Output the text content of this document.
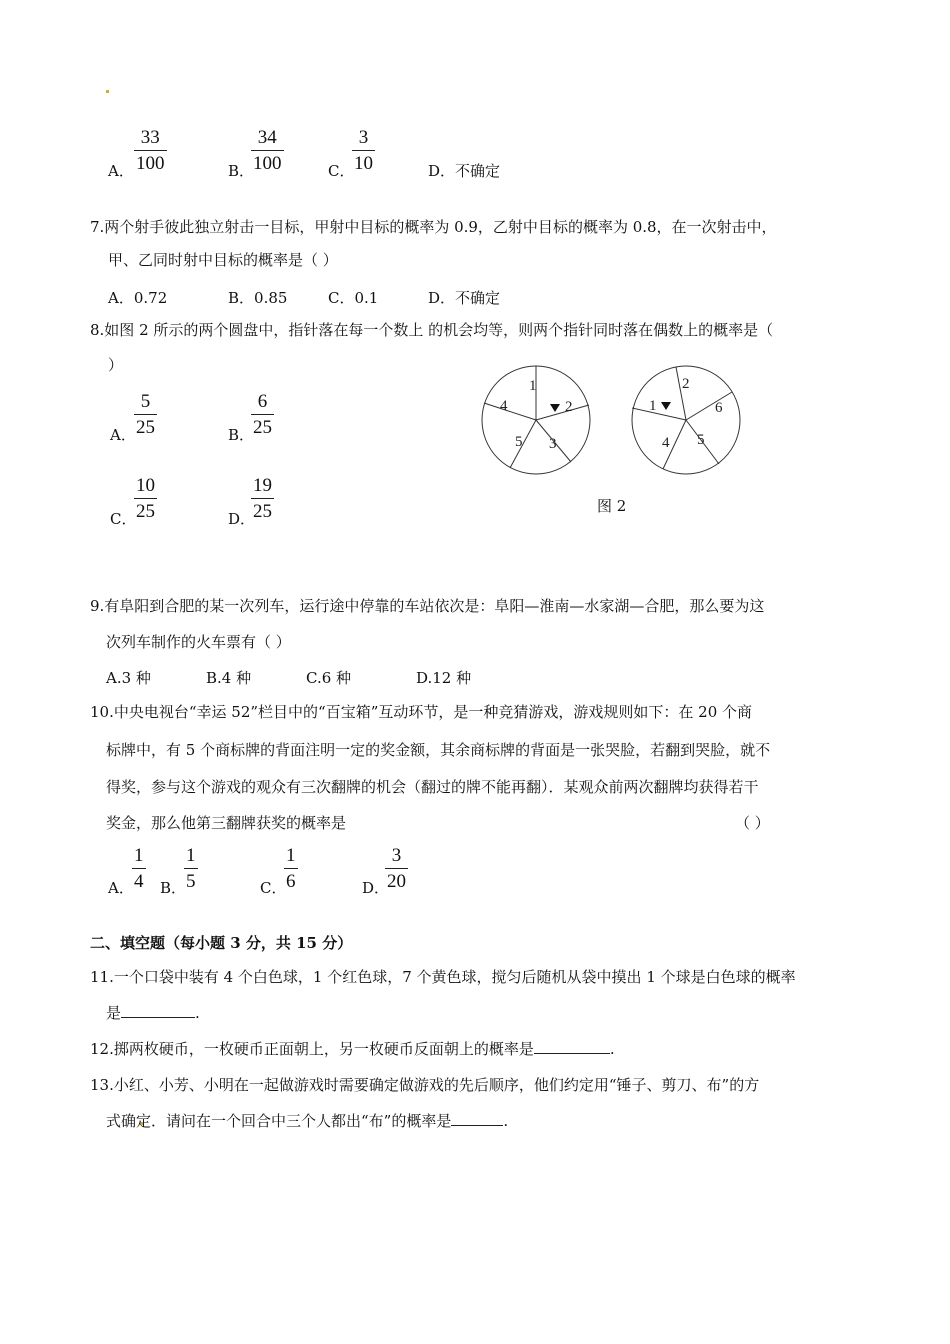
A．
33
100	B．
34
100	C．
3
10	D．不确定
7.两个射手彼此独立射击一目标，甲射中目标的概率为 0.9，乙射中目标的概率为 0.8，在一次射击中，
甲、乙同时射中目标的概率是（ ）
A．0.72	B．0.85	C．0.1	D．不确定
8.如图 2 所示的两个圆盘中，指针落在每一个数上 的机会均等，则两个指针同时落在偶数上的概率是（
）
A．
5
25	B．
6
25
C．
10
25	D．
19
25
1
2
3
5
4
2
6
5
4
1
图 2
9.有阜阳到合肥的某一次列车，运行途中停靠的车站依次是：阜阳—淮南—水家湖—合肥，那么要为这
次列车制作的火车票有（ ）
A.3 种	B.4 种	C.6 种	D.12 种
10.中央电视台“幸运 52”栏目中的“百宝箱”互动环节，是一种竞猜游戏，游戏规则如下：在 20 个商
标牌中，有 5 个商标牌的背面注明一定的奖金额，其余商标牌的背面是一张哭脸，若翻到哭脸，就不
得奖，参与这个游戏的观众有三次翻牌的机会（翻过的牌不能再翻）．某观众前两次翻牌均获得若干
奖金，那么他第三翻牌获奖的概率是	（ ）
A．
1
4 B．
1
5	C．
1
6	D．
3
20
二、填空题（每小题 3 分，共 15 分）
11.一个口袋中装有 4 个白色球，1 个红色球，7 个黄色球，搅匀后随机从袋中摸出 1 个球是白色球的概率
是	.
12.掷两枚硬币，一枚硬币正面朝上，另一枚硬币反面朝上的概率是	.
13.小红、小芳、小明在一起做游戏时需要确定做游戏的先后顺序，他们约定用“锤子、剪刀、布”的方
式确定．请问在一个回合中三个人都出“布”的概率是	.
